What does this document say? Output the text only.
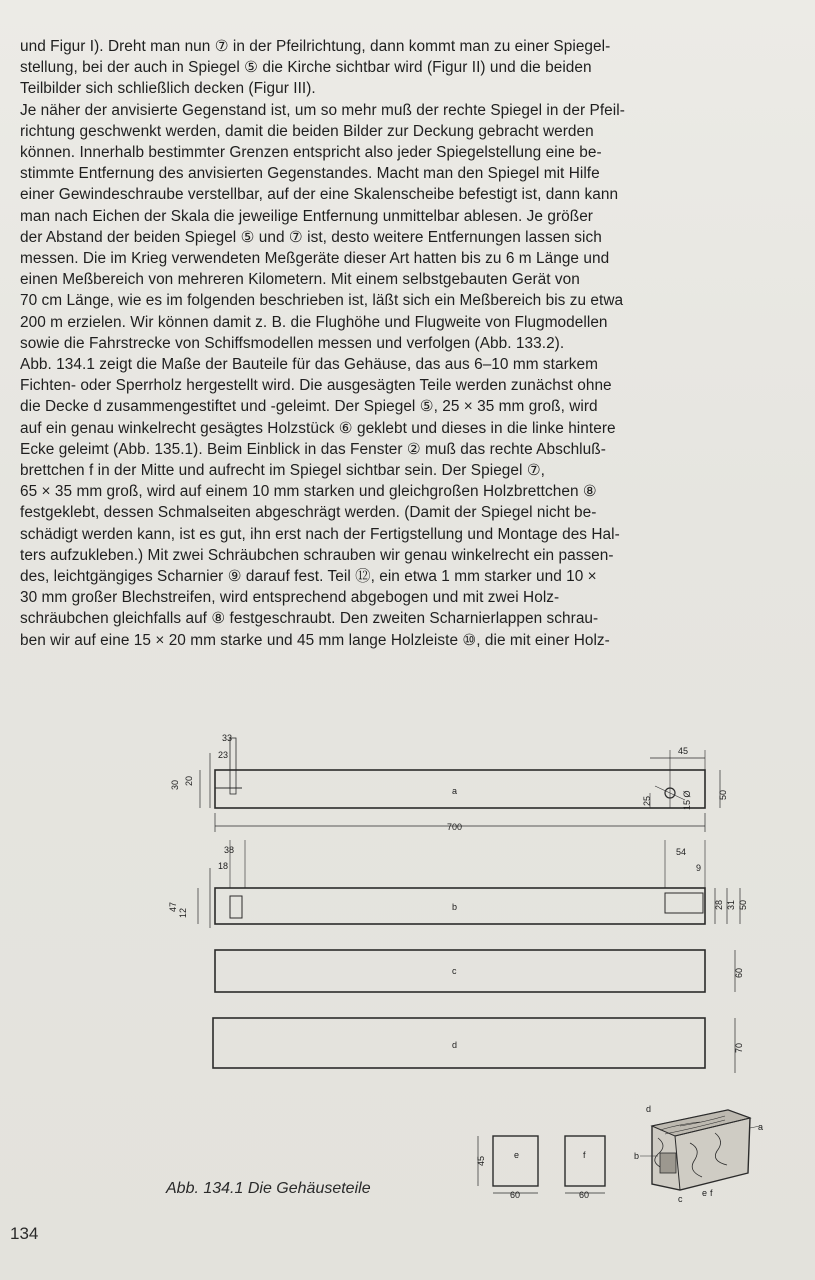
und Figur I). Dreht man nun ⑦ in der Pfeilrichtung, dann kommt man zu einer Spiegel-
stellung, bei der auch in Spiegel ⑤ die Kirche sichtbar wird (Figur II) und die beiden
Teilbilder sich schließlich decken (Figur III).
Je näher der anvisierte Gegenstand ist, um so mehr muß der rechte Spiegel in der Pfeil-
richtung geschwenkt werden, damit die beiden Bilder zur Deckung gebracht werden
können. Innerhalb bestimmter Grenzen entspricht also jeder Spiegelstellung eine be-
stimmte Entfernung des anvisierten Gegenstandes. Macht man den Spiegel mit Hilfe
einer Gewindeschraube verstellbar, auf der eine Skalenscheibe befestigt ist, dann kann
man nach Eichen der Skala die jeweilige Entfernung unmittelbar ablesen. Je größer
der Abstand der beiden Spiegel ⑤ und ⑦ ist, desto weitere Entfernungen lassen sich
messen. Die im Krieg verwendeten Meßgeräte dieser Art hatten bis zu 6 m Länge und
einen Meßbereich von mehreren Kilometern. Mit einem selbstgebauten Gerät von
70 cm Länge, wie es im folgenden beschrieben ist, läßt sich ein Meßbereich bis zu etwa
200 m erzielen. Wir können damit z. B. die Flughöhe und Flugweite von Flugmodellen
sowie die Fahrstrecke von Schiffsmodellen messen und verfolgen (Abb. 133.2).
Abb. 134.1 zeigt die Maße der Bauteile für das Gehäuse, das aus 6–10 mm starkem
Fichten- oder Sperrholz hergestellt wird. Die ausgesägten Teile werden zunächst ohne
die Decke d zusammengestiftet und -geleimt. Der Spiegel ⑤, 25 × 35 mm groß, wird
auf ein genau winkelrecht gesägtes Holzstück ⑥ geklebt und dieses in die linke hintere
Ecke geleimt (Abb. 135.1). Beim Einblick in das Fenster ② muß das rechte Abschluß-
brettchen f in der Mitte und aufrecht im Spiegel sichtbar sein. Der Spiegel ⑦,
65 × 35 mm groß, wird auf einem 10 mm starken und gleichgroßen Holzbrettchen ⑧
festgeklebt, dessen Schmalseiten abgeschrägt werden. (Damit der Spiegel nicht be-
schädigt werden kann, ist es gut, ihn erst nach der Fertigstellung und Montage des Hal-
ters aufzukleben.) Mit zwei Schräubchen schrauben wir genau winkelrecht ein passen-
des, leichtgängiges Scharnier ⑨ darauf fest. Teil ⑫, ein etwa 1 mm starker und 10 ×
30 mm großer Blechstreifen, wird entsprechend abgebogen und mit zwei Holz-
schräubchen gleichfalls auf ⑧ festgeschraubt. Den zweiten Scharnierlappen schrau-
ben wir auf eine 15 × 20 mm starke und 45 mm lange Holzleiste ⑩, die mit einer Holz-

a
33
23
30 20
45
25	15 Ø	50
700
b
38
18
47
12
54
9
28 31 50
c	60
d	70
e
45
60
f
60
d
a
b
c
e f
Abb. 134.1 Die Gehäuseteile
134
